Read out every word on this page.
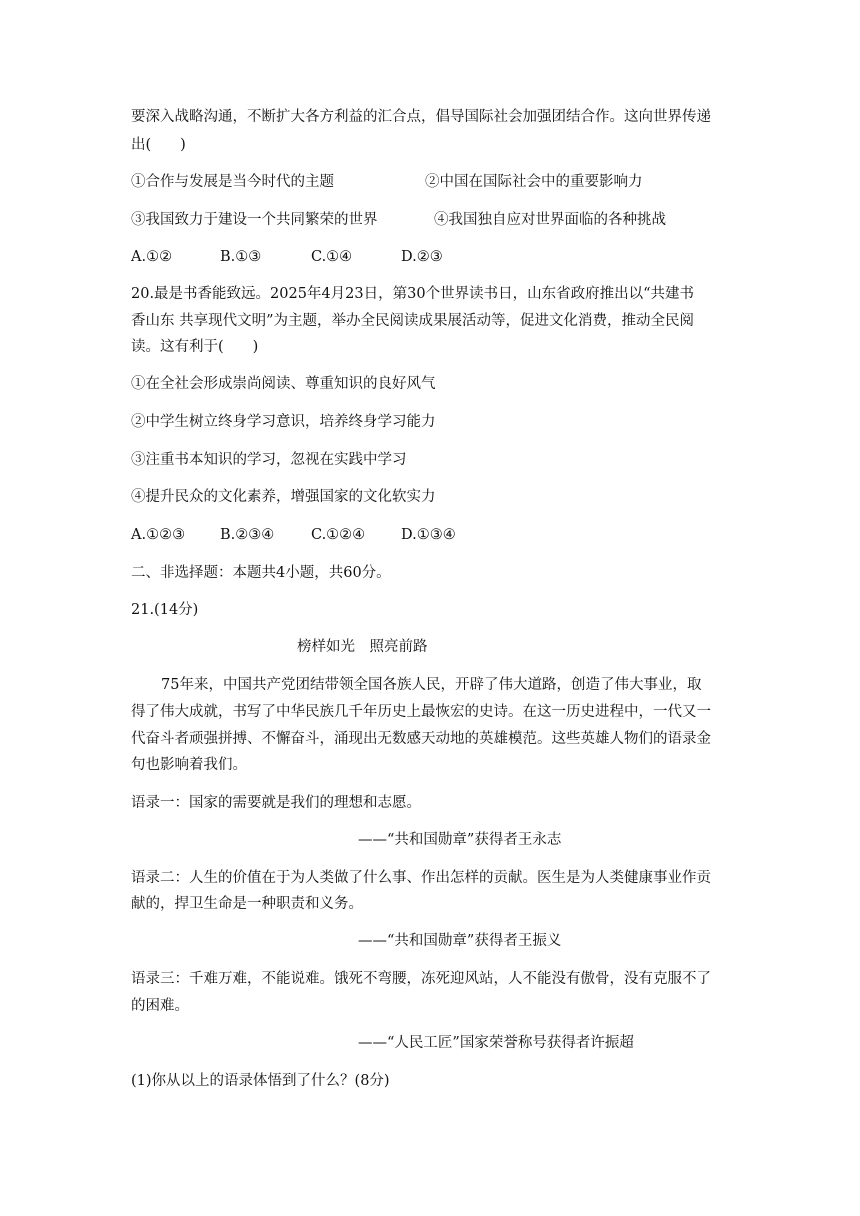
要深入战略沟通，不断扩大各方利益的汇合点，倡导国际社会加强团结合作。这向世界传递
出(　　)
①合作与发展是当今时代的主题	②中国在国际社会中的重要影响力
③我国致力于建设一个共同繁荣的世界	④我国独自应对世界面临的各种挑战
A.①②	B.①③	C.①④	D.②③
20.最是书香能致远。2025年4月23日，第30个世界读书日，山东省政府推出以“共建书
香山东 共享现代文明”为主题，举办全民阅读成果展活动等，促进文化消费，推动全民阅
读。这有利于(　　)
①在全社会形成崇尚阅读、尊重知识的良好风气
②中学生树立终身学习意识，培养终身学习能力
③注重书本知识的学习，忽视在实践中学习
④提升民众的文化素养，增强国家的文化软实力
A.①②③ B.②③④	C.①②④ D.①③④
二、非选择题：本题共4小题，共60分。
21.(14分)
榜样如光　照亮前路
75年来，中国共产党团结带领全国各族人民，开辟了伟大道路，创造了伟大事业，取
得了伟大成就，书写了中华民族几千年历史上最恢宏的史诗。在这一历史进程中，一代又一
代奋斗者顽强拼搏、不懈奋斗，涌现出无数感天动地的英雄模范。这些英雄人物们的语录金
句也影响着我们。
语录一：国家的需要就是我们的理想和志愿。
——“共和国勋章”获得者王永志
语录二：人生的价值在于为人类做了什么事、作出怎样的贡献。医生是为人类健康事业作贡
献的，捍卫生命是一种职责和义务。
——“共和国勋章”获得者王振义
语录三：千难万难，不能说难。饿死不弯腰，冻死迎风站，人不能没有傲骨，没有克服不了
的困难。
——“人民工匠”国家荣誉称号获得者许振超
(1)你从以上的语录体悟到了什么？(8分)
